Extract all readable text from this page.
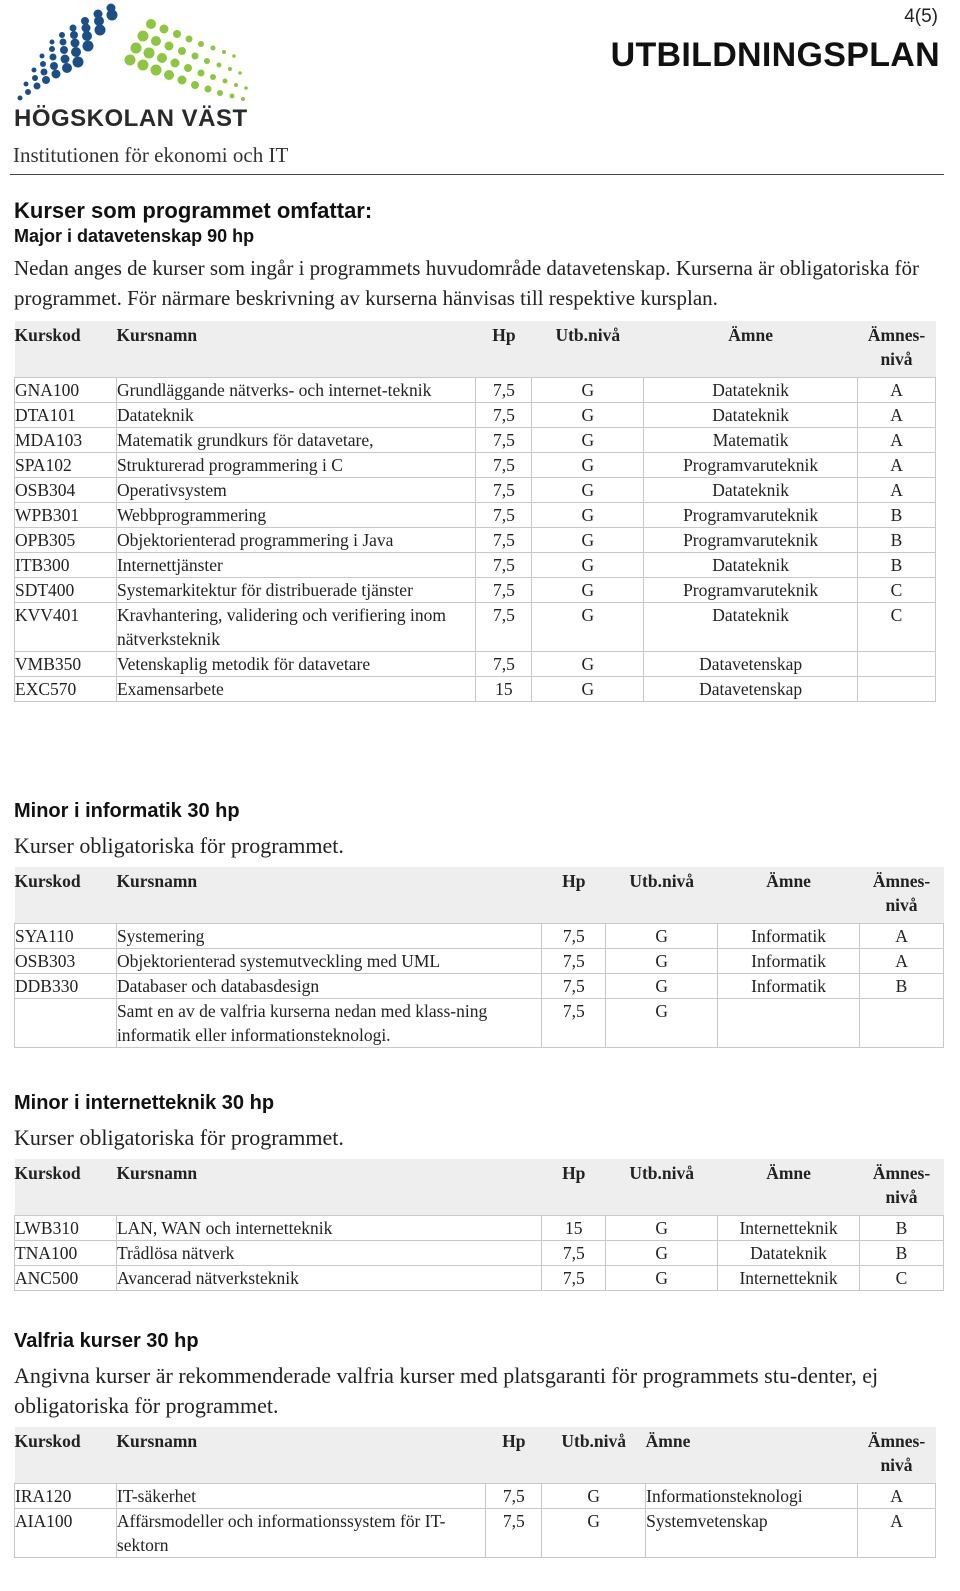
HÖGSKOLAN VÄST
4(5)
UTBILDNINGSPLAN
Institutionen för ekonomi och IT
Kurser som programmet omfattar:
Major i datavetenskap 90 hp

Nedan anges de kurser som ingår i programmets huvudområde datavetenskap. Kurserna är obligatoriska för programmet. För närmare beskrivning av kurserna hänvisas till respektive kursplan.

Kurskod	Kursnamn	Hp	Utb.nivå	Ämne	Ämnes-
nivå
GNA100	Grundläggande nätverks- och internet-teknik	7,5	G	Datateknik	A
DTA101	Datateknik	7,5	G	Datateknik	A
MDA103	Matematik grundkurs för datavetare,	7,5	G	Matematik	A
SPA102	Strukturerad programmering i C	7,5	G	Programvaruteknik	A
OSB304	Operativsystem	7,5	G	Datateknik	A
WPB301	Webbprogrammering	7,5	G	Programvaruteknik	B
OPB305	Objektorienterad programmering i Java	7,5	G	Programvaruteknik	B
ITB300	Internettjänster	7,5	G	Datateknik	B
SDT400	Systemarkitektur för distribuerade tjänster	7,5	G	Programvaruteknik	C
KVV401	Kravhantering, validering och verifiering inom nätverksteknik	7,5	G	Datateknik	C
VMB350	Vetenskaplig metodik för datavetare	7,5	G	Datavetenskap	
EXC570	Examensarbete	15	G	Datavetenskap	
Minor i informatik 30 hp
Kurser obligatoriska för programmet.
Kurskod	Kursnamn	Hp	Utb.nivå	Ämne	Ämnes-
nivå
SYA110	Systemering	7,5	G	Informatik	A
OSB303	Objektorienterad systemutveckling med UML	7,5	G	Informatik	A
DDB330	Databaser och databasdesign	7,5	G	Informatik	B
	Samt en av de valfria kurserna nedan med klass-ning informatik eller informationsteknologi.	7,5	G		
Minor i internetteknik 30 hp
Kurser obligatoriska för programmet.
Kurskod	Kursnamn	Hp	Utb.nivå	Ämne	Ämnes-
nivå
LWB310	LAN, WAN och internetteknik	15	G	Internetteknik	B
TNA100	Trådlösa nätverk	7,5	G	Datateknik	B
ANC500	Avancerad nätverksteknik	7,5	G	Internetteknik	C
Valfria kurser 30 hp
Angivna kurser är rekommenderade valfria kurser med platsgaranti för programmets stu-denter, ej obligatoriska för programmet.
Kurskod	Kursnamn	Hp	Utb.nivå	Ämne	Ämnes-
nivå
IRA120	IT-säkerhet	7,5	G	Informationsteknologi	A
AIA100	Affärsmodeller och informationssystem för IT-sektorn	7,5	G	Systemvetenskap	A
